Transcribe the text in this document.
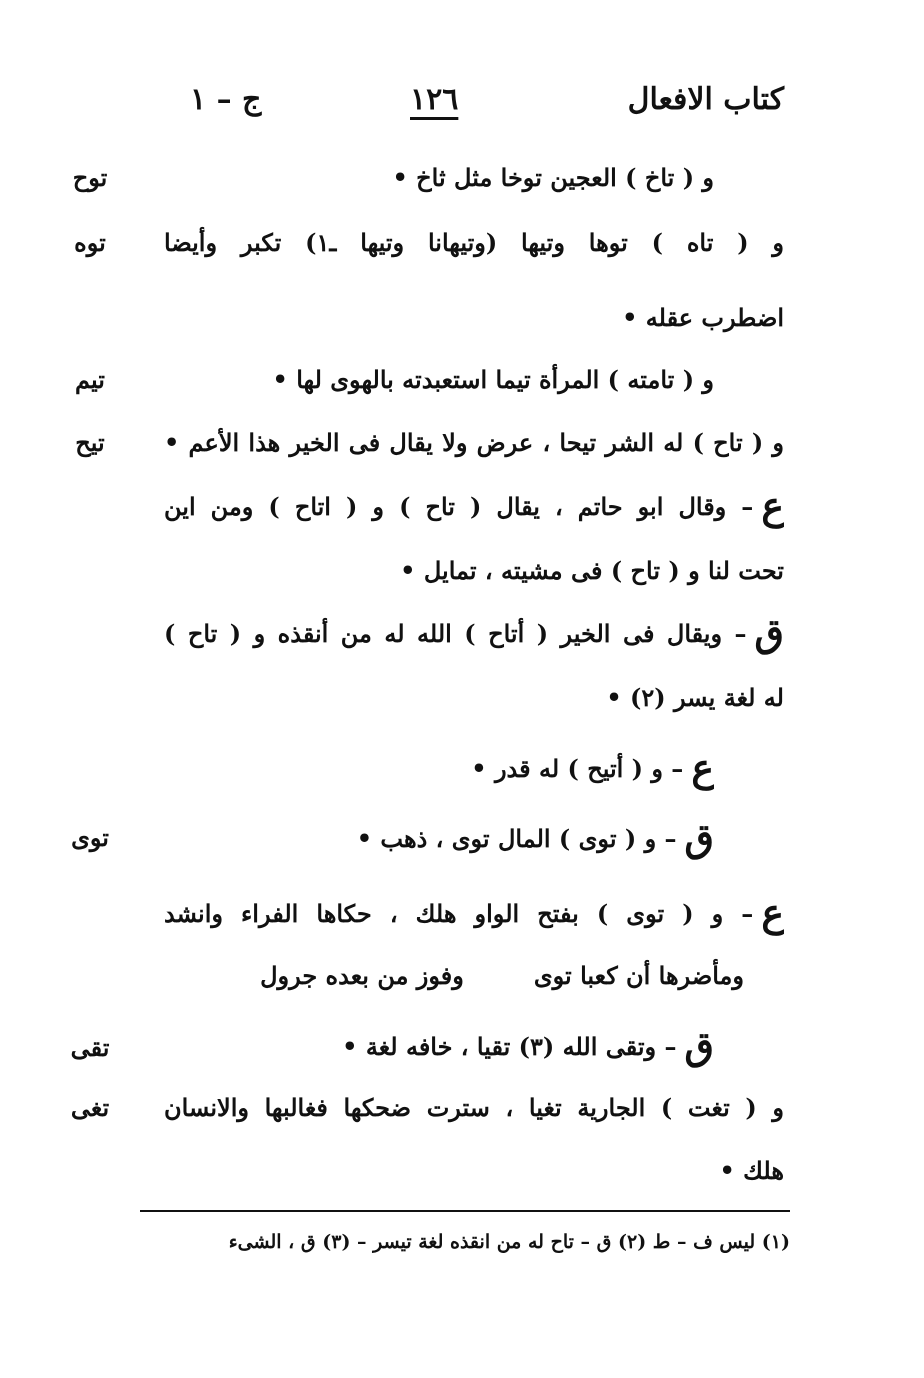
كتاب الافعال
١٢٦
ج – ١
توح
توه
تيم
تيح
توى
تقى
تغى
و ( تاخ ) العجين توخا مثل ثاخ •
و ( تاه ) توها وتيها (وتيهانا وتيها ـ١) تكبر وأيضا
اضطرب عقله •
و ( تامته ) المرأة تيما استعبدته بالهوى لها •
و ( تاح ) له الشر تيحا ، عرض ولا يقال فى الخير هذا الأعم •
ع– وقال ابو حاتم ، يقال ( تاح ) و ( اتاح ) ومن اين
تحت لنا و ( تاح ) فى مشيته ، تمايل •
ق– ويقال فى الخير ( أتاح ) الله له من أنقذه و ( تاح )
له لغة يسر (٢) •
ع– و ( أتيح ) له قدر •
ق– و ( توى ) المال توى ، ذهب •
ع– و ( توى ) بفتح الواو هلك ، حكاها الفراء وانشد
ومأضرها أن كعبا توىوفوز من بعده جرول
ق– وتقى الله (٣) تقيا ، خافه لغة •
و ( تغت ) الجارية تغيا ، سترت ضحكها فغالبها والانسان
هلك •
(١) ليس ف – ط (٢) ق – تاح له من انقذه لغة تيسر – (٣) ق ، الشىء
